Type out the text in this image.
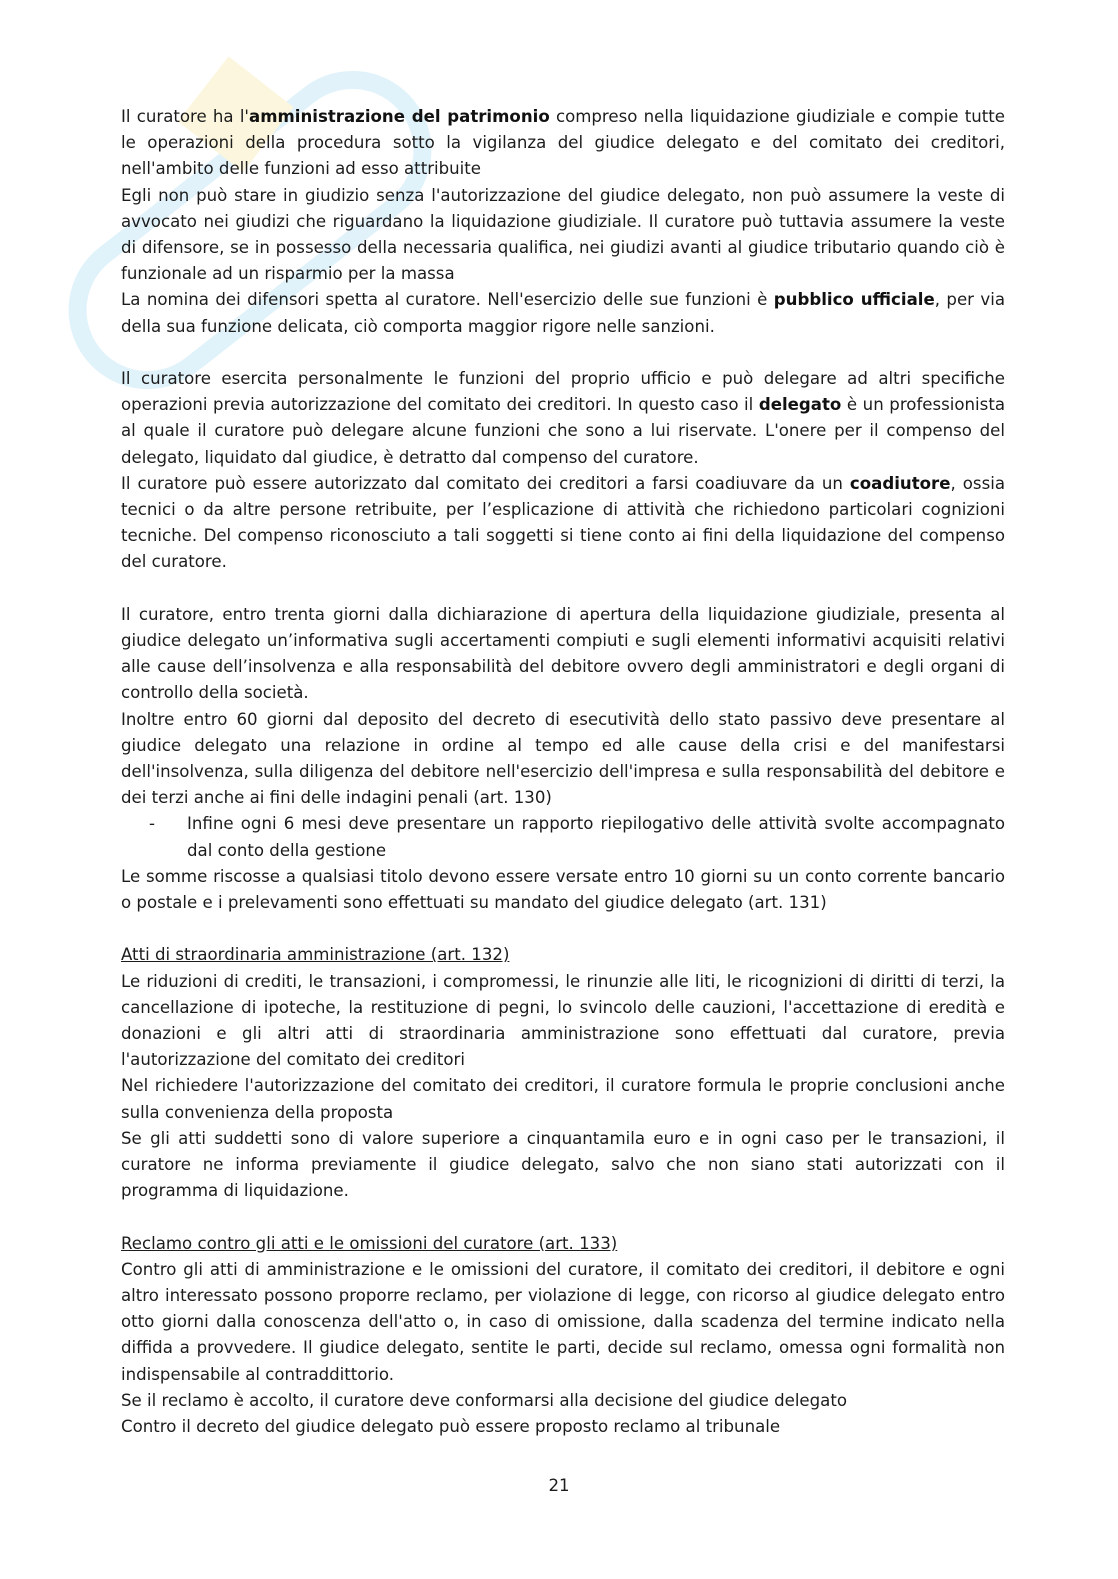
Il curatore ha l'amministrazione del patrimonio compreso nella liquidazione giudiziale e compie tutte le operazioni della procedura sotto la vigilanza del giudice delegato e del comitato dei creditori, nell'ambito delle funzioni ad esso attribuite

Egli non può stare in giudizio senza l'autorizzazione del giudice delegato, non può assumere la veste di avvocato nei giudizi che riguardano la liquidazione giudiziale. Il curatore può tuttavia assumere la veste di difensore, se in possesso della necessaria qualifica, nei giudizi avanti al giudice tributario quando ciò è funzionale ad un risparmio per la massa

La nomina dei difensori spetta al curatore. Nell'esercizio delle sue funzioni è pubblico ufficiale, per via della sua funzione delicata, ciò comporta maggior rigore nelle sanzioni.

Il curatore esercita personalmente le funzioni del proprio ufficio e può delegare ad altri specifiche operazioni previa autorizzazione del comitato dei creditori. In questo caso il delegato è un professionista al quale il curatore può delegare alcune funzioni che sono a lui riservate. L'onere per il compenso del delegato, liquidato dal giudice, è detratto dal compenso del curatore.

Il curatore può essere autorizzato dal comitato dei creditori a farsi coadiuvare da un coadiutore, ossia tecnici o da altre persone retribuite, per l’esplicazione di attività che richiedono particolari cognizioni tecniche. Del compenso riconosciuto a tali soggetti si tiene conto ai fini della liquidazione del compenso del curatore.

Il curatore, entro trenta giorni dalla dichiarazione di apertura della liquidazione giudiziale, presenta al giudice delegato un’informativa sugli accertamenti compiuti e sugli elementi informativi acquisiti relativi alle cause dell’insolvenza e alla responsabilità del debitore ovvero degli amministratori e degli organi di controllo della società.

Inoltre entro 60 giorni dal deposito del decreto di esecutività dello stato passivo deve presentare al giudice delegato una relazione in ordine al tempo ed alle cause della crisi e del manifestarsi dell'insolvenza, sulla diligenza del debitore nell'esercizio dell'impresa e sulla responsabilità del debitore e dei terzi anche ai fini delle indagini penali (art. 130)

-	Infine ogni 6 mesi deve presentare un rapporto riepilogativo delle attività svolte accompagnato dal conto della gestione

Le somme riscosse a qualsiasi titolo devono essere versate entro 10 giorni su un conto corrente bancario o postale e i prelevamenti sono effettuati su mandato del giudice delegato (art. 131)

Atti di straordinaria amministrazione (art. 132)

Le riduzioni di crediti, le transazioni, i compromessi, le rinunzie alle liti, le ricognizioni di diritti di terzi, la cancellazione di ipoteche, la restituzione di pegni, lo svincolo delle cauzioni, l'accettazione di eredità e donazioni e gli altri atti di straordinaria amministrazione sono effettuati dal curatore, previa l'autorizzazione del comitato dei creditori

Nel richiedere l'autorizzazione del comitato dei creditori, il curatore formula le proprie conclusioni anche sulla convenienza della proposta

Se gli atti suddetti sono di valore superiore a cinquantamila euro e in ogni caso per le transazioni, il curatore ne informa previamente il giudice delegato, salvo che non siano stati autorizzati con il programma di liquidazione.

Reclamo contro gli atti e le omissioni del curatore (art. 133)

Contro gli atti di amministrazione e le omissioni del curatore, il comitato dei creditori, il debitore e ogni altro interessato possono proporre reclamo, per violazione di legge, con ricorso al giudice delegato entro otto giorni dalla conoscenza dell'atto o, in caso di omissione, dalla scadenza del termine indicato nella diffida a provvedere. Il giudice delegato, sentite le parti, decide sul reclamo, omessa ogni formalità non indispensabile al contraddittorio.

Se il reclamo è accolto, il curatore deve conformarsi alla decisione del giudice delegato

Contro il decreto del giudice delegato può essere proposto reclamo al tribunale

21
